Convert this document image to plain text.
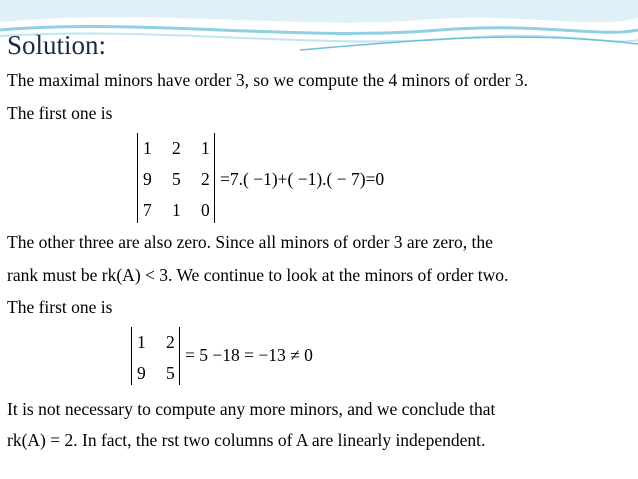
Solution:
The maximal minors have order 3, so we compute the 4 minors of order 3.
The first one is
1 2 1
9 5 2
7 1 0
=7.( −1)+( −1).( − 7)=0
The other three are also zero. Since all minors of order 3 are zero, the
rank must be rk(A) < 3. We continue to look at the minors of order two.
The first one is
1 2
9 5
= 5 −18 = −13 ≠ 0
It is not necessary to compute any more minors, and we conclude that
rk(A) = 2. In fact, the rst two columns of A are linearly independent.
